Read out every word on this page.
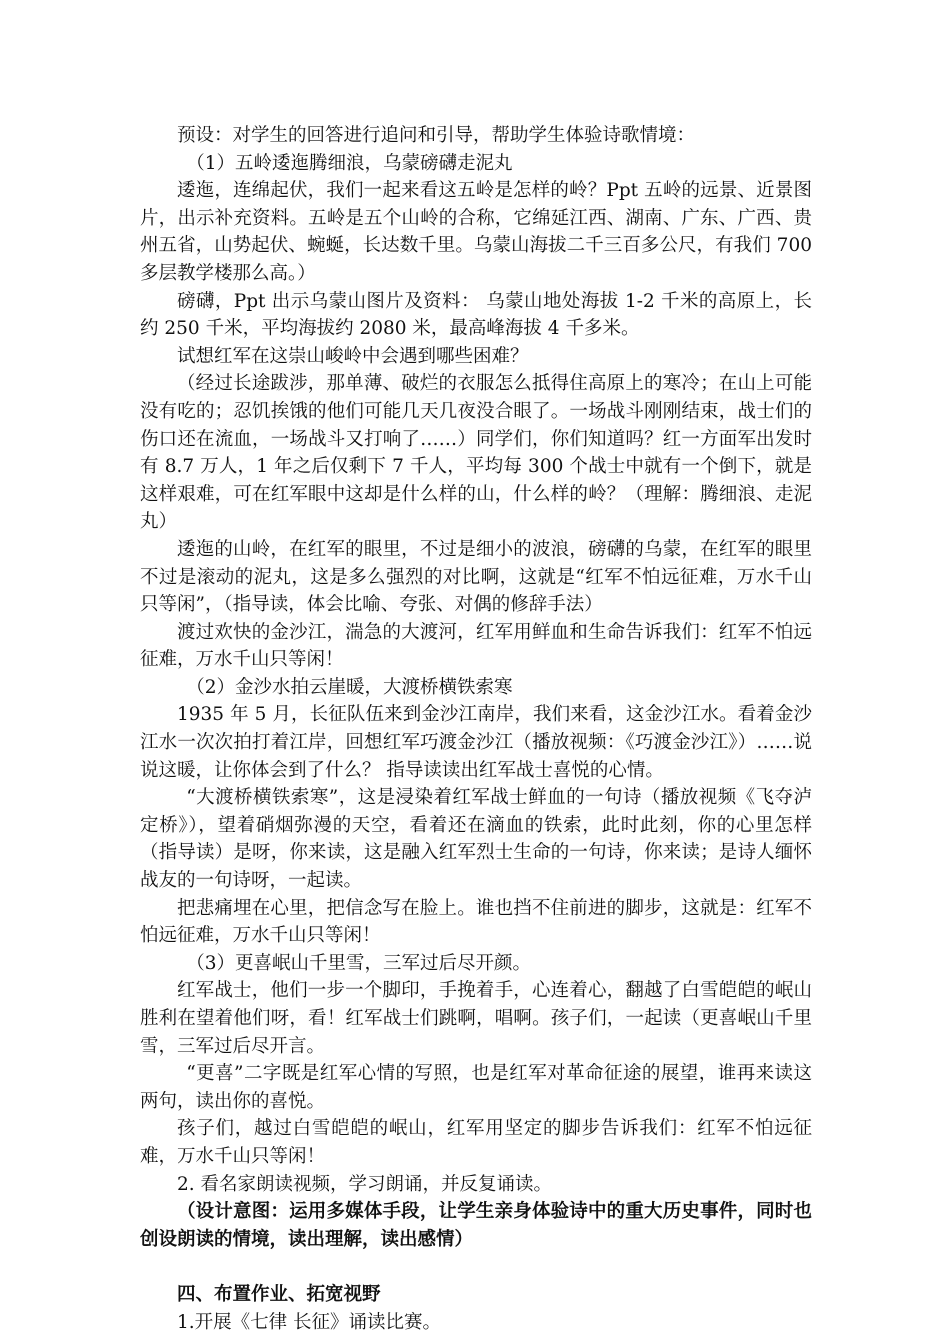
预设：对学生的回答进行追问和引导，帮助学生体验诗歌情境：

（1）五岭逶迤腾细浪，乌蒙磅礴走泥丸

逶迤，连绵起伏，我们一起来看这五岭是怎样的岭？Ppt 五岭的远景、近景图片，出示补充资料。五岭是五个山岭的合称，它绵延江西、湖南、广东、广西、贵州五省，山势起伏、蜿蜒，长达数千里。乌蒙山海拔二千三百多公尺，有我们 700 多层教学楼那么高。）

磅礴，Ppt 出示乌蒙山图片及资料： 乌蒙山地处海拔 1-2 千米的高原上，长约 250 千米，平均海拔约 2080 米，最高峰海拔 4 千多米。

试想红军在这崇山峻岭中会遇到哪些困难？

（经过长途跋涉，那单薄、破烂的衣服怎么抵得住高原上的寒冷；在山上可能没有吃的；忍饥挨饿的他们可能几天几夜没合眼了。一场战斗刚刚结束，战士们的伤口还在流血，一场战斗又打响了……）同学们，你们知道吗？红一方面军出发时有 8.7 万人，1 年之后仅剩下 7 千人，平均每 300 个战士中就有一个倒下，就是这样艰难，可在红军眼中这却是什么样的山，什么样的岭？（理解：腾细浪、走泥丸）

逶迤的山岭，在红军的眼里，不过是细小的波浪，磅礴的乌蒙，在红军的眼里不过是滚动的泥丸，这是多么强烈的对比啊，这就是“红军不怕远征难，万水千山只等闲”，（指导读，体会比喻、夸张、对偶的修辞手法）

渡过欢快的金沙江，湍急的大渡河，红军用鲜血和生命告诉我们：红军不怕远征难，万水千山只等闲！

（2）金沙水拍云崖暖，大渡桥横铁索寒

1935 年 5 月，长征队伍来到金沙江南岸，我们来看，这金沙江水。看着金沙江水一次次拍打着江岸，回想红军巧渡金沙江（播放视频：《巧渡金沙江》）……说说这暖，让你体会到了什么？ 指导读读出红军战士喜悦的心情。

“大渡桥横铁索寒”，这是浸染着红军战士鲜血的一句诗（播放视频《飞夺泸定桥》），望着硝烟弥漫的天空，看着还在滴血的铁索，此时此刻，你的心里怎样（指导读）是呀，你来读，这是融入红军烈士生命的一句诗，你来读；是诗人缅怀战友的一句诗呀，一起读。

把悲痛埋在心里，把信念写在脸上。谁也挡不住前进的脚步，这就是：红军不怕远征难，万水千山只等闲！

（3）更喜岷山千里雪，三军过后尽开颜。

红军战士，他们一步一个脚印，手挽着手，心连着心，翻越了白雪皑皑的岷山胜利在望着他们呀，看！红军战士们跳啊，唱啊。孩子们，一起读（更喜岷山千里雪，三军过后尽开言。

“更喜”二字既是红军心情的写照，也是红军对革命征途的展望，谁再来读这两句，读出你的喜悦。

孩子们，越过白雪皑皑的岷山，红军用坚定的脚步告诉我们：红军不怕远征难，万水千山只等闲！

2. 看名家朗读视频，学习朗诵，并反复诵读。

（设计意图：运用多媒体手段，让学生亲身体验诗中的重大历史事件，同时也创设朗读的情境，读出理解，读出感情）

四、布置作业、拓宽视野

1.开展《七律 长征》诵读比赛。
